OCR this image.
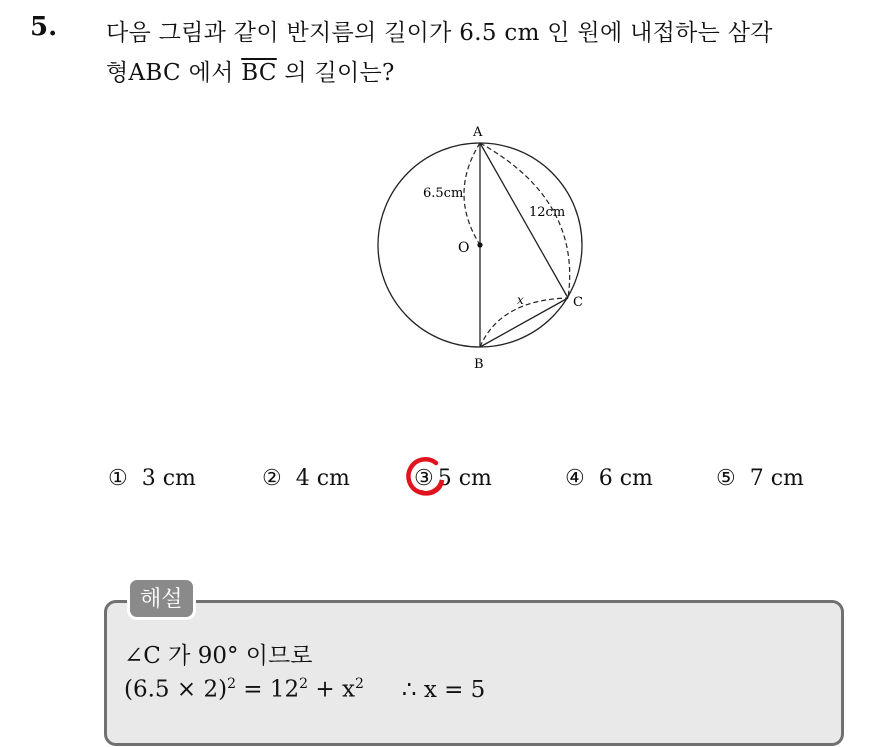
5. 다음 그림과 같이 반지름의 길이가 6.5 cm 인 원에 내접하는 삼각
형ABC 에서 $\overline{BC}$ 의 길이는?
A
B
C
O
6.5cm
12cm
x
① 3 cm	② 4 cm	③ 5 cm	④ 6 cm	⑤ 7 cm
해설
∠C 가 90° 이므로
$(6.5 \times 2)^2 = 12^2 + x^2$ ∴ x = 5
